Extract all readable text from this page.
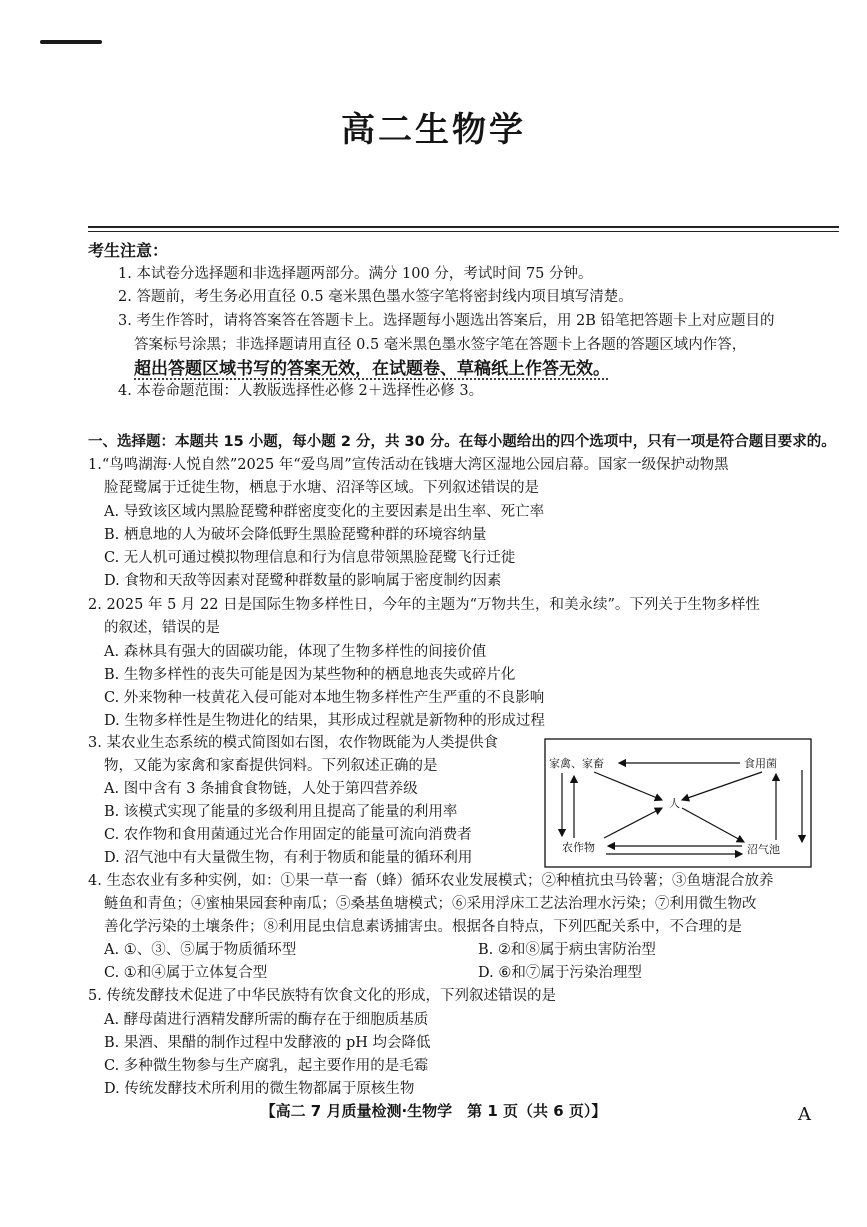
高二生物学
考生注意：
1. 本试卷分选择题和非选择题两部分。满分 100 分，考试时间 75 分钟。
2. 答题前，考生务必用直径 0.5 毫米黑色墨水签字笔将密封线内项目填写清楚。
3. 考生作答时，请将答案答在答题卡上。选择题每小题选出答案后，用 2B 铅笔把答题卡上对应题目的
答案标号涂黑；非选择题请用直径 0.5 毫米黑色墨水签字笔在答题卡上各题的答题区域内作答，
超出答题区域书写的答案无效，在试题卷、草稿纸上作答无效。
4. 本卷命题范围：人教版选择性必修 2＋选择性必修 3。
一、选择题：本题共 15 小题，每小题 2 分，共 30 分。在每小题给出的四个选项中，只有一项是符合题目要求的。
1.“鸟鸣湖海·人悦自然”2025 年“爱鸟周”宣传活动在钱塘大湾区湿地公园启幕。国家一级保护动物黑
脸琵鹭属于迁徙生物，栖息于水塘、沼泽等区域。下列叙述错误的是
A. 导致该区域内黑脸琵鹭种群密度变化的主要因素是出生率、死亡率
B. 栖息地的人为破坏会降低野生黑脸琵鹭种群的环境容纳量
C. 无人机可通过模拟物理信息和行为信息带领黑脸琵鹭飞行迁徙
D. 食物和天敌等因素对琵鹭种群数量的影响属于密度制约因素
2. 2025 年 5 月 22 日是国际生物多样性日，今年的主题为“万物共生，和美永续”。下列关于生物多样性
的叙述，错误的是
A. 森林具有强大的固碳功能，体现了生物多样性的间接价值
B. 生物多样性的丧失可能是因为某些物种的栖息地丧失或碎片化
C. 外来物种一枝黄花入侵可能对本地生物多样性产生严重的不良影响
D. 生物多样性是生物进化的结果，其形成过程就是新物种的形成过程
3. 某农业生态系统的模式简图如右图，农作物既能为人类提供食
物，又能为家禽和家畜提供饲料。下列叙述正确的是
A. 图中含有 3 条捕食食物链，人处于第四营养级
B. 该模式实现了能量的多级利用且提高了能量的利用率
C. 农作物和食用菌通过光合作用固定的能量可流向消费者
D. 沼气池中有大量微生物，有利于物质和能量的循环利用
家禽、家畜	食用菌
人
农作物	沼气池
4. 生态农业有多种实例，如：①果一草一畜（蜂）循环农业发展模式；②种植抗虫马铃薯；③鱼塘混合放养
鲢鱼和青鱼；④蜜柚果园套种南瓜；⑤桑基鱼塘模式；⑥采用浮床工艺法治理水污染；⑦利用微生物改
善化学污染的土壤条件；⑧利用昆虫信息素诱捕害虫。根据各自特点，下列匹配关系中，不合理的是
A. ①、③、⑤属于物质循环型	B. ②和⑧属于病虫害防治型
C. ①和④属于立体复合型	D. ⑥和⑦属于污染治理型
5. 传统发酵技术促进了中华民族特有饮食文化的形成，下列叙述错误的是
A. 酵母菌进行酒精发酵所需的酶存在于细胞质基质
B. 果酒、果醋的制作过程中发酵液的 pH 均会降低
C. 多种微生物参与生产腐乳，起主要作用的是毛霉
D. 传统发酵技术所利用的微生物都属于原核生物
【高二 7 月质量检测·生物学　第 1 页（共 6 页）】	A
